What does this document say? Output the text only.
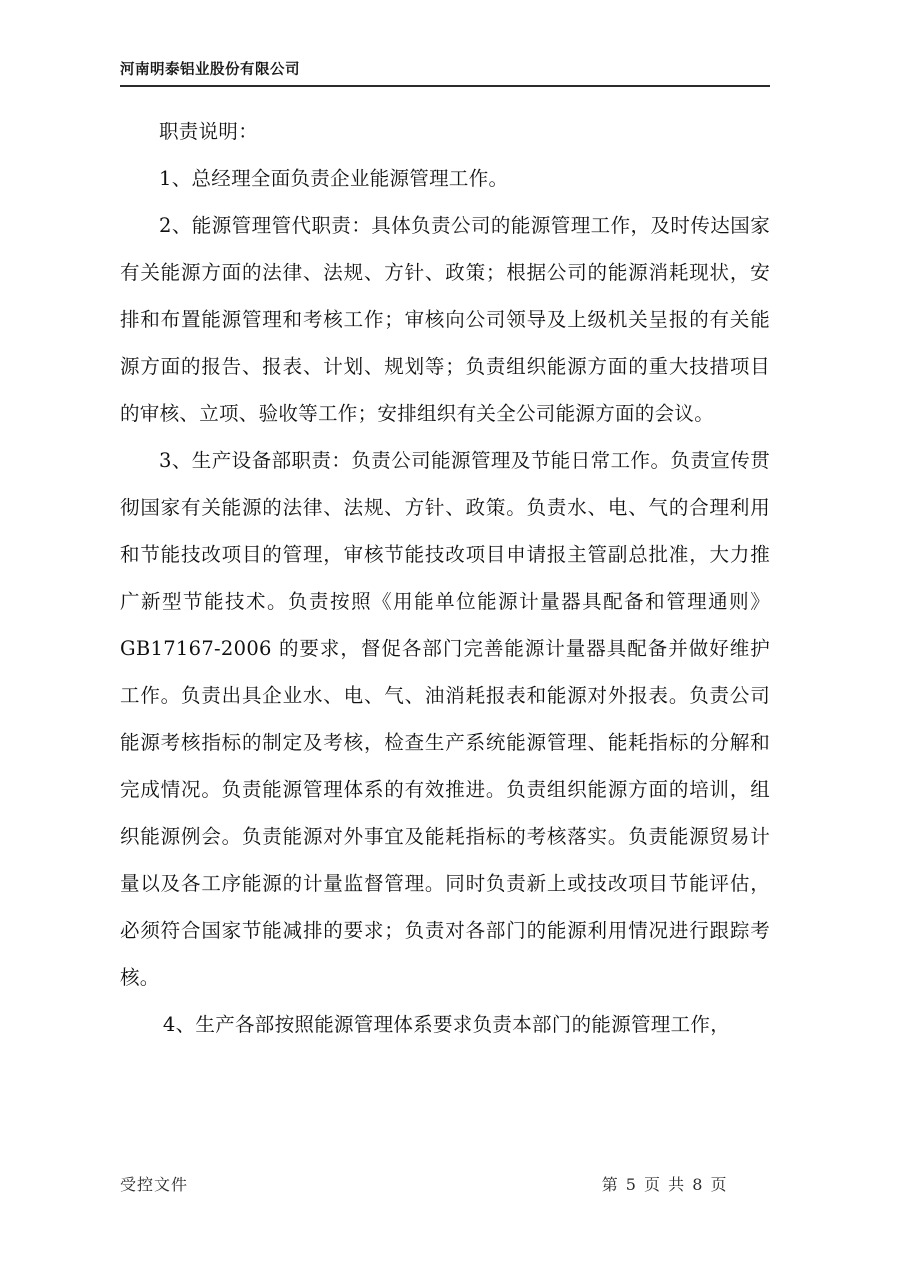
河南明泰铝业股份有限公司

职责说明：

1、总经理全面负责企业能源管理工作。

2、能源管理管代职责：具体负责公司的能源管理工作，及时传达国家有关能源方面的法律、法规、方针、政策；根据公司的能源消耗现状，安排和布置能源管理和考核工作；审核向公司领导及上级机关呈报的有关能源方面的报告、报表、计划、规划等；负责组织能源方面的重大技措项目的审核、立项、验收等工作；安排组织有关全公司能源方面的会议。

3、生产设备部职责：负责公司能源管理及节能日常工作。负责宣传贯彻国家有关能源的法律、法规、方针、政策。负责水、电、气的合理利用和节能技改项目的管理，审核节能技改项目申请报主管副总批准，大力推广新型节能技术。负责按照《用能单位能源计量器具配备和管理通则》GB17167-2006 的要求，督促各部门完善能源计量器具配备并做好维护工作。负责出具企业水、电、气、油消耗报表和能源对外报表。负责公司能源考核指标的制定及考核，检查生产系统能源管理、能耗指标的分解和完成情况。负责能源管理体系的有效推进。负责组织能源方面的培训，组织能源例会。负责能源对外事宜及能耗指标的考核落实。负责能源贸易计量以及各工序能源的计量监督管理。同时负责新上或技改项目节能评估，必须符合国家节能减排的要求；负责对各部门的能源利用情况进行跟踪考核。

4、生产各部按照能源管理体系要求负责本部门的能源管理工作，

受控文件	第 5 页 共 8 页
